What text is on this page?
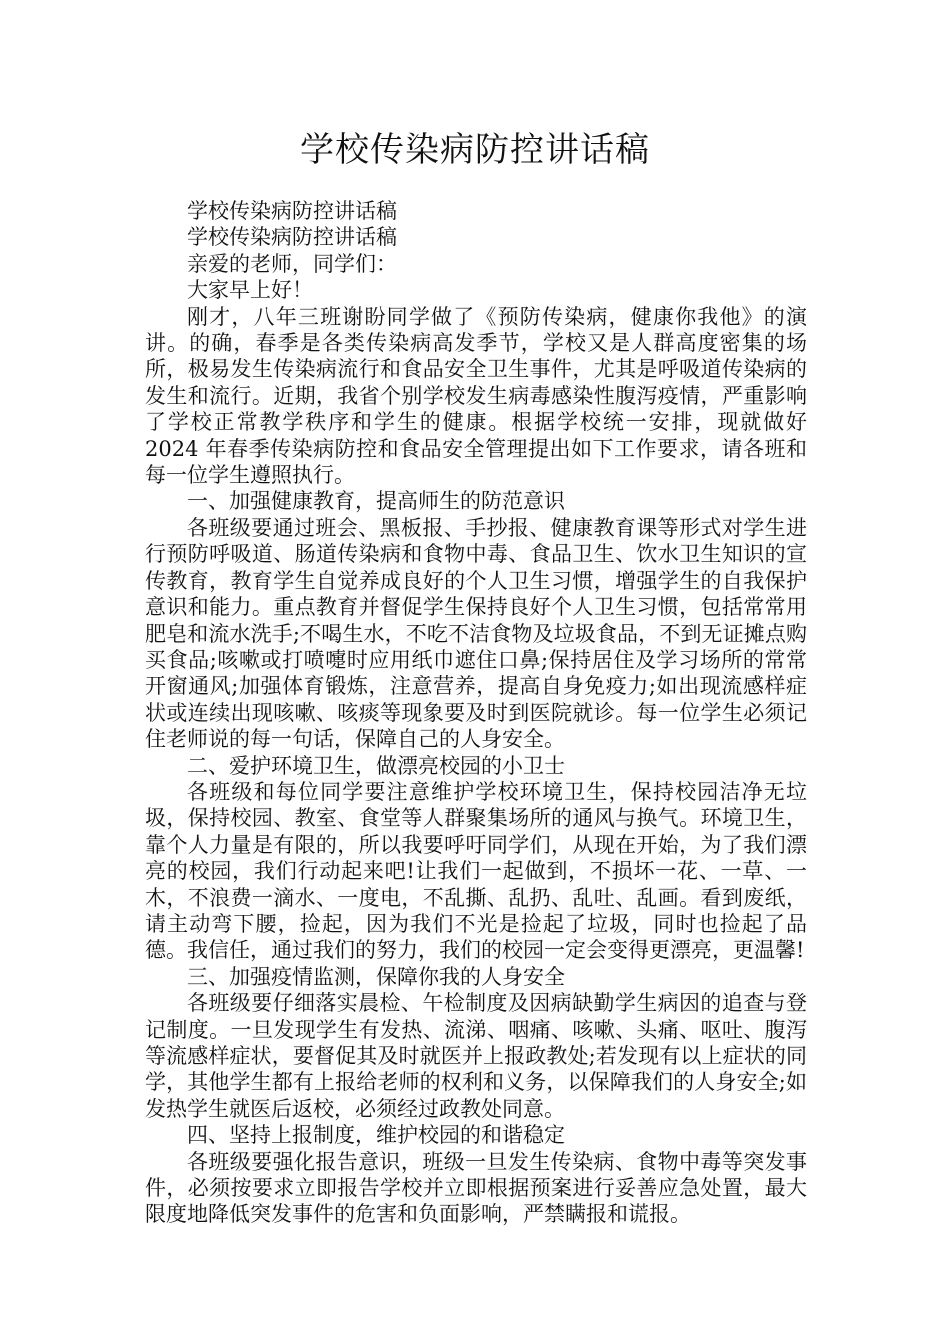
学校传染病防控讲话稿

学校传染病防控讲话稿

学校传染病防控讲话稿

亲爱的老师，同学们：

大家早上好！

刚才，八年三班谢盼同学做了《预防传染病，健康你我他》的演讲。的确，春季是各类传染病高发季节，学校又是人群高度密集的场所，极易发生传染病流行和食品安全卫生事件，尤其是呼吸道传染病的发生和流行。近期，我省个别学校发生病毒感染性腹泻疫情，严重影响了学校正常教学秩序和学生的健康。根据学校统一安排，现就做好 2024 年春季传染病防控和食品安全管理提出如下工作要求，请各班和每一位学生遵照执行。

一、加强健康教育，提高师生的防范意识

各班级要通过班会、黑板报、手抄报、健康教育课等形式对学生进行预防呼吸道、肠道传染病和食物中毒、食品卫生、饮水卫生知识的宣传教育，教育学生自觉养成良好的个人卫生习惯，增强学生的自我保护意识和能力。重点教育并督促学生保持良好个人卫生习惯，包括常常用肥皂和流水洗手;不喝生水，不吃不洁食物及垃圾食品，不到无证摊点购买食品;咳嗽或打喷嚏时应用纸巾遮住口鼻;保持居住及学习场所的常常开窗通风;加强体育锻炼，注意营养，提高自身免疫力;如出现流感样症状或连续出现咳嗽、咳痰等现象要及时到医院就诊。每一位学生必须记住老师说的每一句话，保障自己的人身安全。

二、爱护环境卫生，做漂亮校园的小卫士

各班级和每位同学要注意维护学校环境卫生，保持校园洁净无垃圾，保持校园、教室、食堂等人群聚集场所的通风与换气。环境卫生，靠个人力量是有限的，所以我要呼吁同学们，从现在开始，为了我们漂亮的校园，我们行动起来吧!让我们一起做到，不损坏一花、一草、一木，不浪费一滴水、一度电，不乱撕、乱扔、乱吐、乱画。看到废纸，请主动弯下腰，捡起，因为我们不光是捡起了垃圾，同时也捡起了品德。我信任，通过我们的努力，我们的校园一定会变得更漂亮，更温馨!

三、加强疫情监测，保障你我的人身安全

各班级要仔细落实晨检、午检制度及因病缺勤学生病因的追查与登记制度。一旦发现学生有发热、流涕、咽痛、咳嗽、头痛、呕吐、腹泻等流感样症状，要督促其及时就医并上报政教处;若发现有以上症状的同学，其他学生都有上报给老师的权利和义务，以保障我们的人身安全;如发热学生就医后返校，必须经过政教处同意。

四、坚持上报制度，维护校园的和谐稳定

各班级要强化报告意识，班级一旦发生传染病、食物中毒等突发事件，必须按要求立即报告学校并立即根据预案进行妥善应急处置，最大限度地降低突发事件的危害和负面影响，严禁瞒报和谎报。
